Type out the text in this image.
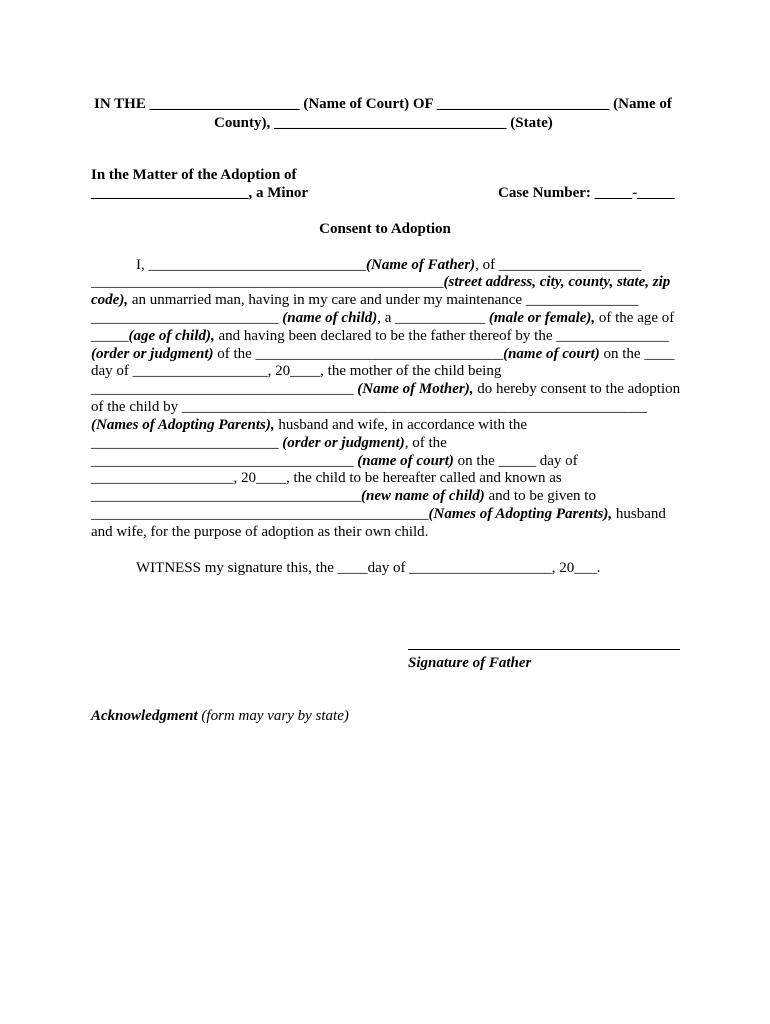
IN THE ____________________ (Name of Court) OF _______________________ (Name of
County), _______________________________ (State)
In the Matter of the Adoption of
_____________________, a Minor	Case Number: _____-_____
Consent to Adoption
I, _____________________________(Name of Father), of ___________________
_______________________________________________(street address, city, county, state, zip
code), an unmarried man, having in my care and under my maintenance _______________
_________________________ (name of child), a ____________ (male or female), of the age of
_____(age of child), and having been declared to be the father thereof by the _______________
(order or judgment) of the _________________________________(name of court) on the ____
day of __________________, 20____, the mother of the child being
___________________________________ (Name of Mother), do hereby consent to the adoption
of the child by ______________________________________________________________
(Names of Adopting Parents), husband and wife, in accordance with the
_________________________ (order or judgment), of the
___________________________________ (name of court) on the _____ day of
___________________, 20____, the child to be hereafter called and known as
____________________________________(new name of child) and to be given to
_____________________________________________(Names of Adopting Parents), husband
and wife, for the purpose of adoption as their own child.
WITNESS my signature this, the ____day of ___________________, 20___.
Signature of Father
Acknowledgment (form may vary by state)
